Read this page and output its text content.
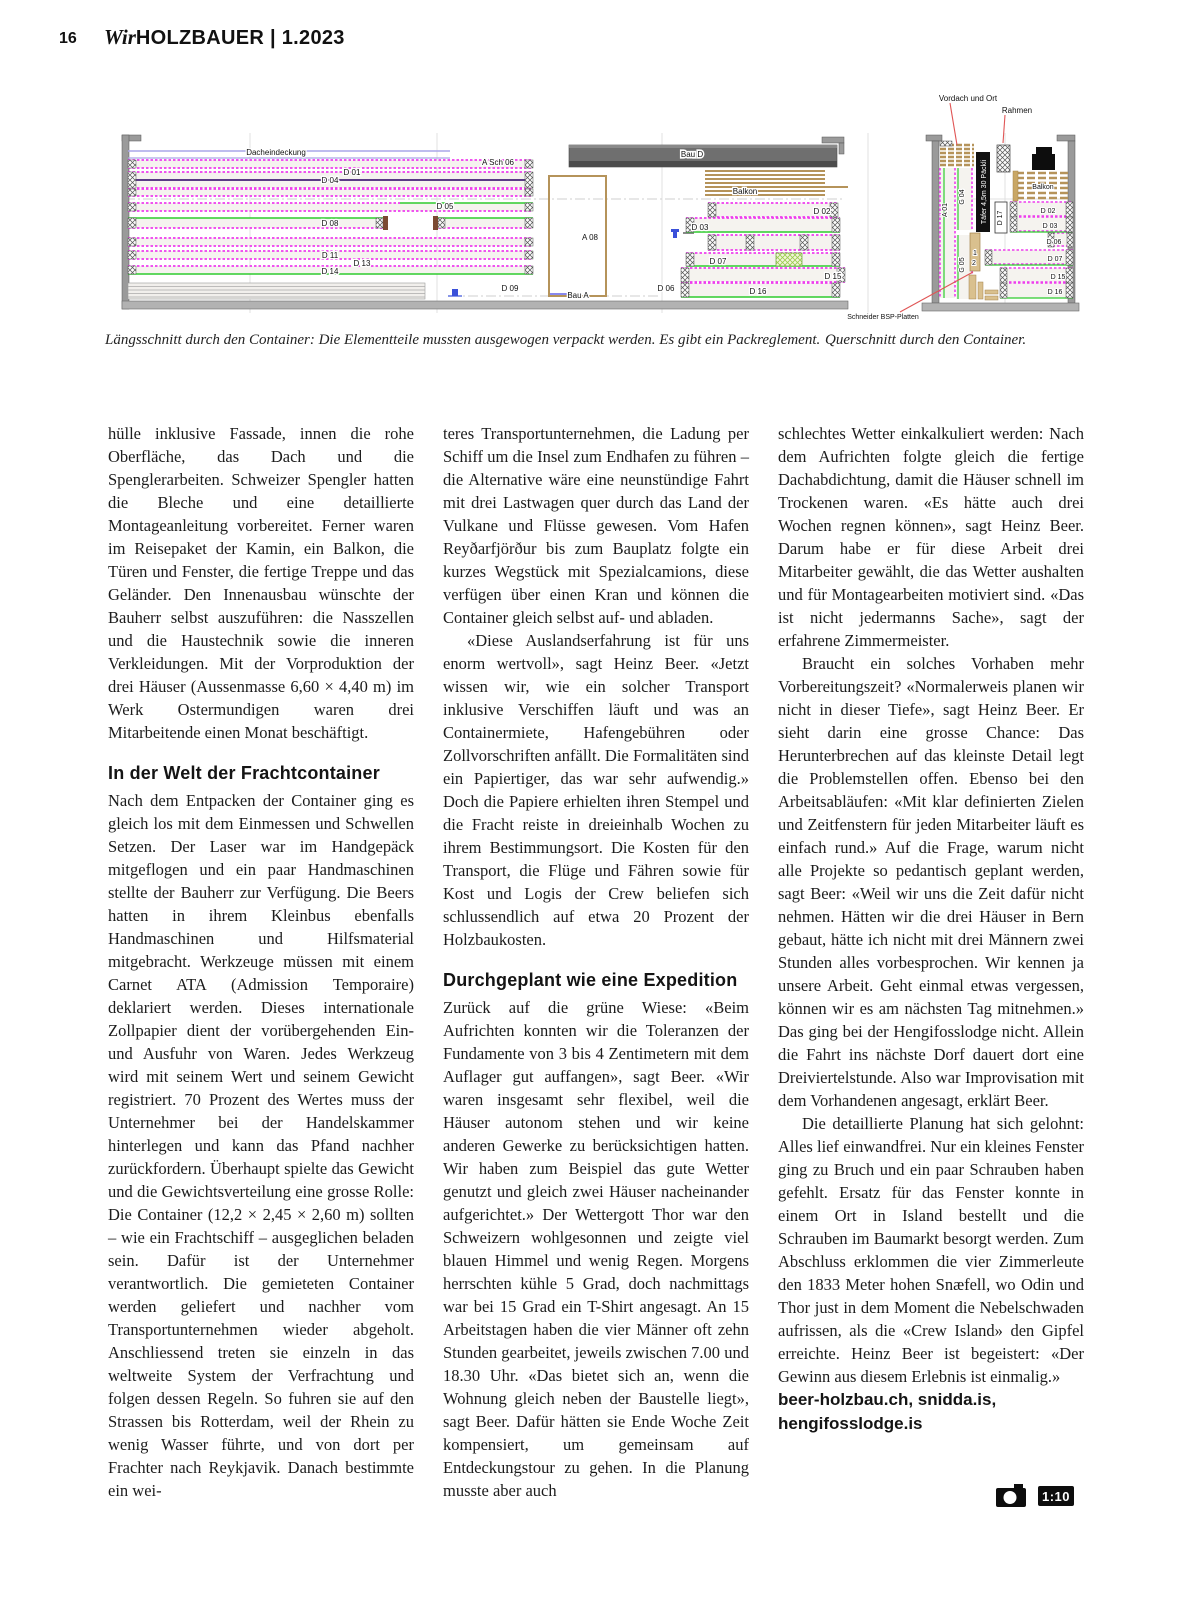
16 WirHOLZBAUER | 1.2023
Dacheindeckung
A Sch 06
D 01
D 04
D 05
D 08
D 11
D 13
D 14
D 09
Bau A
Bau D
Balkon
A 08
D 02
D 03
D 07
D 15
D 16
D 06
Vordach und Ort
Rahmen
Schneider BSP-Platten
A 01
G 04
G 05
Täfer 4,5m 30 Päckli D 17
Balkon
D 02
D 03
D 06
D 07
D 15
D 16
1
2
Längsschnitt durch den Container: Die Elementteile mussten ausgewogen verpackt werden. Es gibt ein Packreglement. Querschnitt durch den Container.

hülle inklusive Fassade, innen die rohe Oberfläche, das Dach und die Spenglerarbeiten. Schweizer Spengler hatten die Bleche und eine detaillierte Montageanleitung vorbereitet. Ferner waren im Reisepaket der Kamin, ein Balkon, die Türen und Fenster, die fertige Treppe und das Geländer. Den Innenausbau wünschte der Bauherr selbst auszuführen: die Nasszellen und die Haustechnik sowie die inneren Verkleidungen. Mit der Vorproduktion der drei Häuser (Aussenmasse 6,60 × 4,40 m) im Werk Ostermundigen waren drei Mitarbeitende einen Monat beschäftigt.

In der Welt der Frachtcontainer

Nach dem Entpacken der Container ging es gleich los mit dem Einmessen und Schwellen Setzen. Der Laser war im Handgepäck mitgeflogen und ein paar Handmaschinen stellte der Bauherr zur Verfügung. Die Beers hatten in ihrem Kleinbus ebenfalls Handmaschinen und Hilfsmaterial mitgebracht. Werkzeuge müssen mit einem Carnet ATA (Admission Temporaire) deklariert werden. Dieses internationale Zollpapier dient der vorübergehenden Ein- und Ausfuhr von Waren. Jedes Werkzeug wird mit seinem Wert und seinem Gewicht registriert. 70 Prozent des Wertes muss der Unternehmer bei der Handelskammer hinterlegen und kann das Pfand nachher zurückfordern. Überhaupt spielte das Gewicht und die Gewichtsverteilung eine grosse Rolle: Die Container (12,2 × 2,45 × 2,60 m) sollten – wie ein Frachtschiff – ausgeglichen beladen sein. Dafür ist der Unternehmer verantwortlich. Die gemieteten Container werden geliefert und nachher vom Transportunternehmen wieder abgeholt. Anschliessend treten sie einzeln in das weltweite System der Verfrachtung und folgen dessen Regeln. So fuhren sie auf den Strassen bis Rotterdam, weil der Rhein zu wenig Wasser führte, und von dort per Frachter nach Reykjavik. Danach bestimmte ein wei-

teres Transportunternehmen, die Ladung per Schiff um die Insel zum Endhafen zu führen – die Alternative wäre eine neunstündige Fahrt mit drei Lastwagen quer durch das Land der Vulkane und Flüsse gewesen. Vom Hafen Reyðarfjörður bis zum Bauplatz folgte ein kurzes Wegstück mit Spezialcamions, diese verfügen über einen Kran und können die Container gleich selbst auf- und abladen.

«Diese Auslandserfahrung ist für uns enorm wertvoll», sagt Heinz Beer. «Jetzt wissen wir, wie ein solcher Transport inklusive Verschiffen läuft und was an Containermiete, Hafengebühren oder Zollvorschriften anfällt. Die Formalitäten sind ein Papiertiger, das war sehr aufwendig.» Doch die Papiere erhielten ihren Stempel und die Fracht reiste in dreieinhalb Wochen zu ihrem Bestimmungsort. Die Kosten für den Transport, die Flüge und Fähren sowie für Kost und Logis der Crew beliefen sich schlussendlich auf etwa 20 Prozent der Holzbaukosten.

Durchgeplant wie eine Expedition

Zurück auf die grüne Wiese: «Beim Aufrichten konnten wir die Toleranzen der Fundamente von 3 bis 4 Zentimetern mit dem Auflager gut auffangen», sagt Beer. «Wir waren insgesamt sehr flexibel, weil die Häuser autonom stehen und wir keine anderen Gewerke zu berücksichtigen hatten. Wir haben zum Beispiel das gute Wetter genutzt und gleich zwei Häuser nacheinander aufgerichtet.» Der Wettergott Thor war den Schweizern wohlgesonnen und zeigte viel blauen Himmel und wenig Regen. Morgens herrschten kühle 5 Grad, doch nachmittags war bei 15 Grad ein T-Shirt angesagt. An 15 Arbeitstagen haben die vier Männer oft zehn Stunden gearbeitet, jeweils zwischen 7.00 und 18.30 Uhr. «Das bietet sich an, wenn die Wohnung gleich neben der Baustelle liegt», sagt Beer. Dafür hätten sie Ende Woche Zeit kompensiert, um gemeinsam auf Entdeckungstour zu gehen. In die Planung musste aber auch

schlechtes Wetter einkalkuliert werden: Nach dem Aufrichten folgte gleich die fertige Dachabdichtung, damit die Häuser schnell im Trockenen waren. «Es hätte auch drei Wochen regnen können», sagt Heinz Beer. Darum habe er für diese Arbeit drei Mitarbeiter gewählt, die das Wetter aushalten und für Montagearbeiten motiviert sind. «Das ist nicht jedermanns Sache», sagt der erfahrene Zimmermeister.

Braucht ein solches Vorhaben mehr Vorbereitungszeit? «Normalerweis planen wir nicht in dieser Tiefe», sagt Heinz Beer. Er sieht darin eine grosse Chance: Das Herunterbrechen auf das kleinste Detail legt die Problemstellen offen. Ebenso bei den Arbeitsabläufen: «Mit klar definierten Zielen und Zeitfenstern für jeden Mitarbeiter läuft es einfach rund.» Auf die Frage, warum nicht alle Projekte so pedantisch geplant werden, sagt Beer: «Weil wir uns die Zeit dafür nicht nehmen. Hätten wir die drei Häuser in Bern gebaut, hätte ich nicht mit drei Männern zwei Stunden alles vorbesprochen. Wir kennen ja unsere Arbeit. Geht einmal etwas vergessen, können wir es am nächsten Tag mitnehmen.» Das ging bei der Hengifosslodge nicht. Allein die Fahrt ins nächste Dorf dauert dort eine Dreiviertelstunde. Also war Improvisation mit dem Vorhandenen angesagt, erklärt Beer.

Die detaillierte Planung hat sich gelohnt: Alles lief einwandfrei. Nur ein kleines Fenster ging zu Bruch und ein paar Schrauben haben gefehlt. Ersatz für das Fenster konnte in einem Ort in Island bestellt und die Schrauben im Baumarkt besorgt werden. Zum Abschluss erklommen die vier Zimmerleute den 1833 Meter hohen Snæfell, wo Odin und Thor just in dem Moment die Nebelschwaden aufrissen, als die «Crew Island» den Gipfel erreichte. Heinz Beer ist begeistert: «Der Gewinn aus diesem Erlebnis ist einmalig.»

beer-holzbau.ch, snidda.is,
hengifosslodge.is
1:10
